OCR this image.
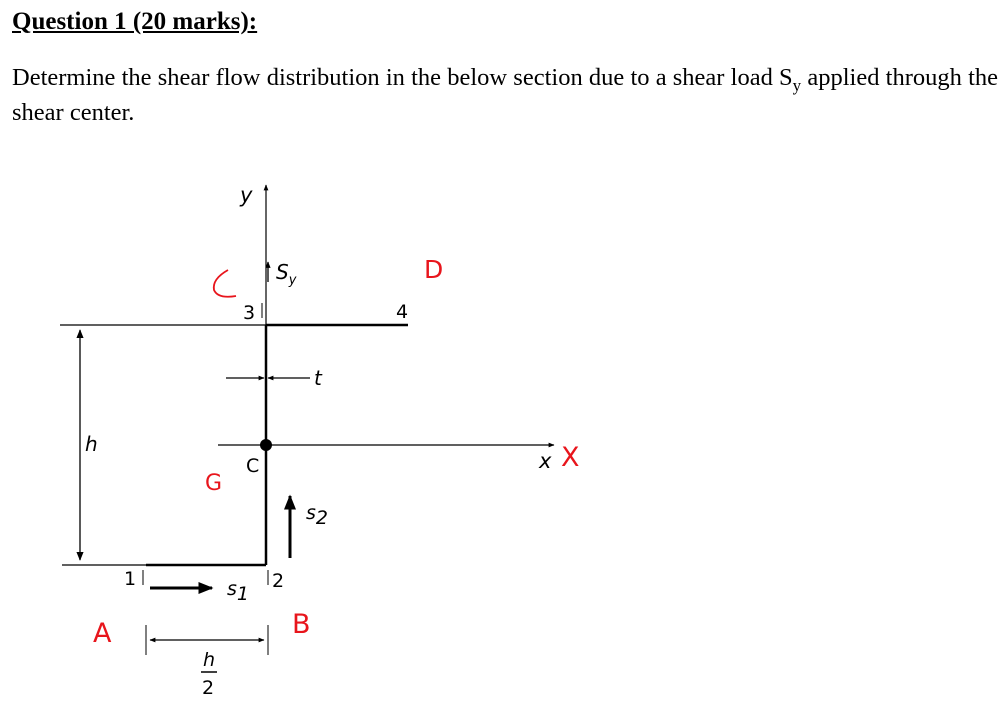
Question 1 (20 marks):
Determine the shear flow distribution in the below section due to a shear load $S_y$ applied through the shear center.
y
x
C
$S_y$
3	4
t
h
s2
s1
1	2
h
2
D
G
A	B
X
